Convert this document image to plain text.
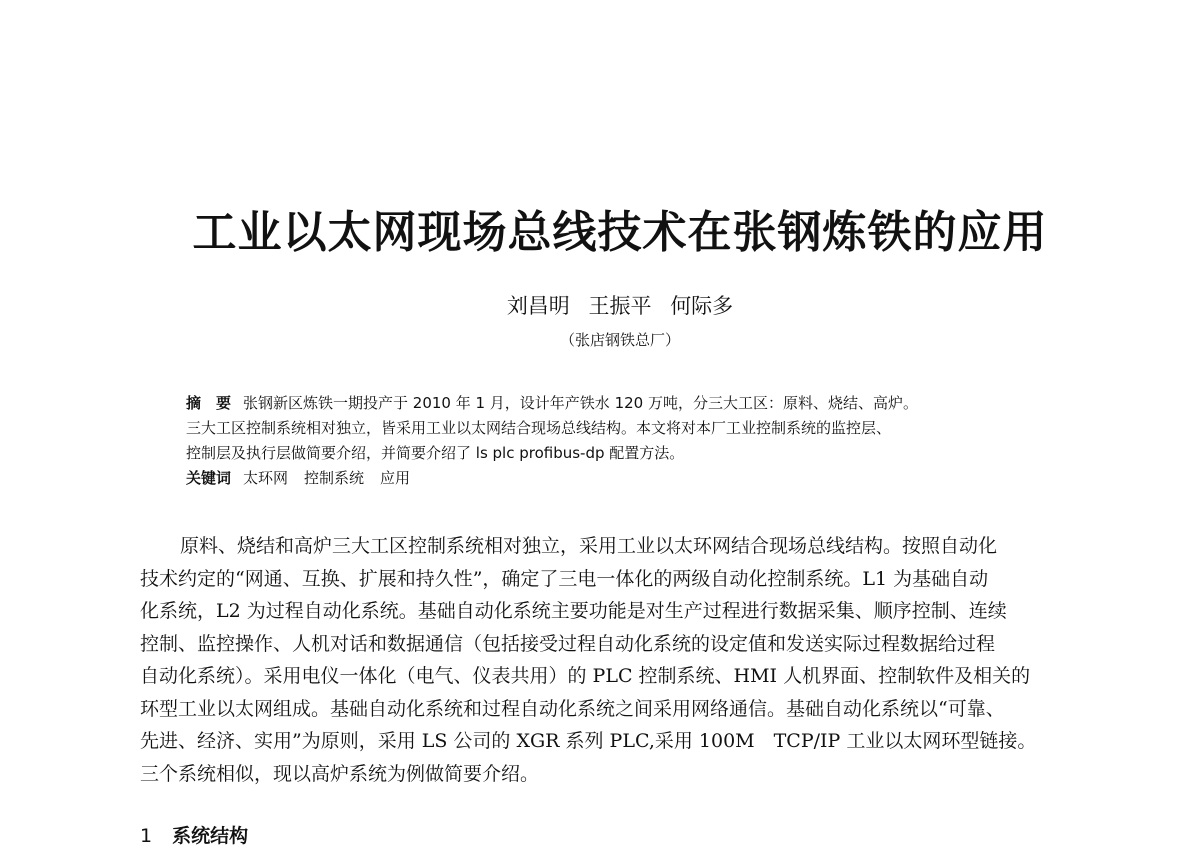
工业以太网现场总线技术在张钢炼铁的应用

刘昌明 王振平 何际多

（张店钢铁总厂）

摘　要 张钢新区炼铁一期投产于 2010 年 1 月，设计年产铁水 120 万吨，分三大工区：原料、烧结、高炉。
三大工区控制系统相对独立，皆采用工业以太网结合现场总线结构。本文将对本厂工业控制系统的监控层、
控制层及执行层做简要介绍，并简要介绍了 ls plc profibus-dp 配置方法。
关键词 太环网 控制系统 应用
原料、烧结和高炉三大工区控制系统相对独立，采用工业以太环网结合现场总线结构。按照自动化
技术约定的“网通、互换、扩展和持久性”，确定了三电一体化的两级自动化控制系统。L1 为基础自动
化系统，L2 为过程自动化系统。基础自动化系统主要功能是对生产过程进行数据采集、顺序控制、连续
控制、监控操作、人机对话和数据通信（包括接受过程自动化系统的设定值和发送实际过程数据给过程
自动化系统）。采用电仪一体化（电气、仪表共用）的 PLC 控制系统、HMI 人机界面、控制软件及相关的
环型工业以太网组成。基础自动化系统和过程自动化系统之间采用网络通信。基础自动化系统以“可靠、
先进、经济、实用”为原则，采用 LS 公司的 XGR 系列 PLC,采用 100M　TCP/IP 工业以太网环型链接。
三个系统相似，现以高炉系统为例做简要介绍。
1 系统结构
